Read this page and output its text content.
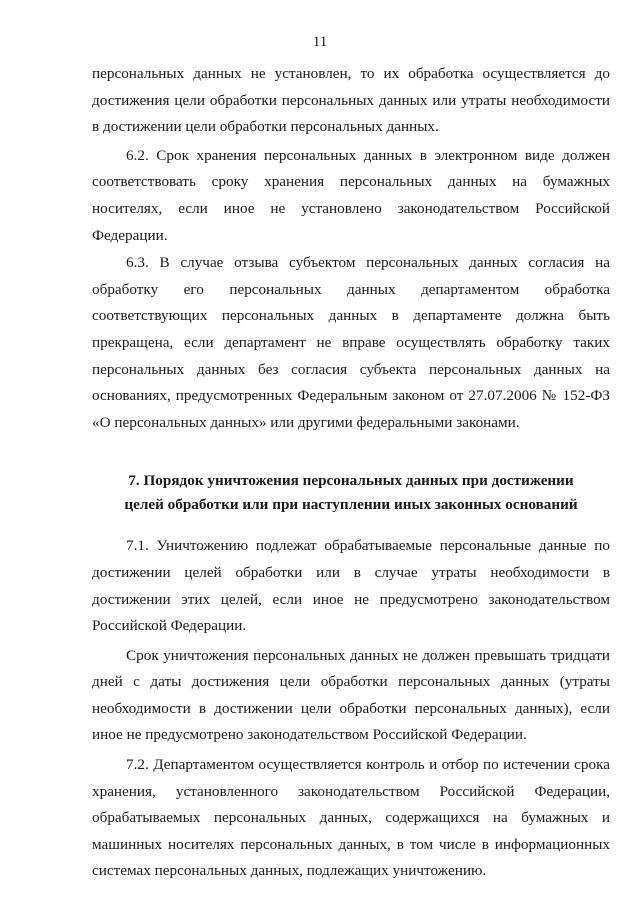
11

персональных данных не установлен, то их обработка осуществляется до достижения цели обработки персональных данных или утраты необходимости в достижении цели обработки персональных данных.

6.2. Срок хранения персональных данных в электронном виде должен соответствовать сроку хранения персональных данных на бумажных носителях, если иное не установлено законодательством Российской Федерации.

6.3. В случае отзыва субъектом персональных данных согласия на обработку его персональных данных департаментом обработка соответствующих персональных данных в департаменте должна быть прекращена, если департамент не вправе осуществлять обработку таких персональных данных без согласия субъекта персональных данных на основаниях, предусмотренных Федеральным законом от 27.07.2006 № 152-ФЗ «О персональных данных» или другими федеральными законами.

7. Порядок уничтожения персональных данных при достижении

целей обработки или при наступлении иных законных оснований

7.1. Уничтожению подлежат обрабатываемые персональные данные по достижении целей обработки или в случае утраты необходимости в достижении этих целей, если иное не предусмотрено законодательством Российской Федерации.

Срок уничтожения персональных данных не должен превышать тридцати дней с даты достижения цели обработки персональных данных (утраты необходимости в достижении цели обработки персональных данных), если иное не предусмотрено законодательством Российской Федерации.

7.2. Департаментом осуществляется контроль и отбор по истечении срока хранения, установленного законодательством Российской Федерации, обрабатываемых персональных данных, содержащихся на бумажных и машинных носителях персональных данных, в том числе в информационных системах персональных данных, подлежащих уничтожению.
